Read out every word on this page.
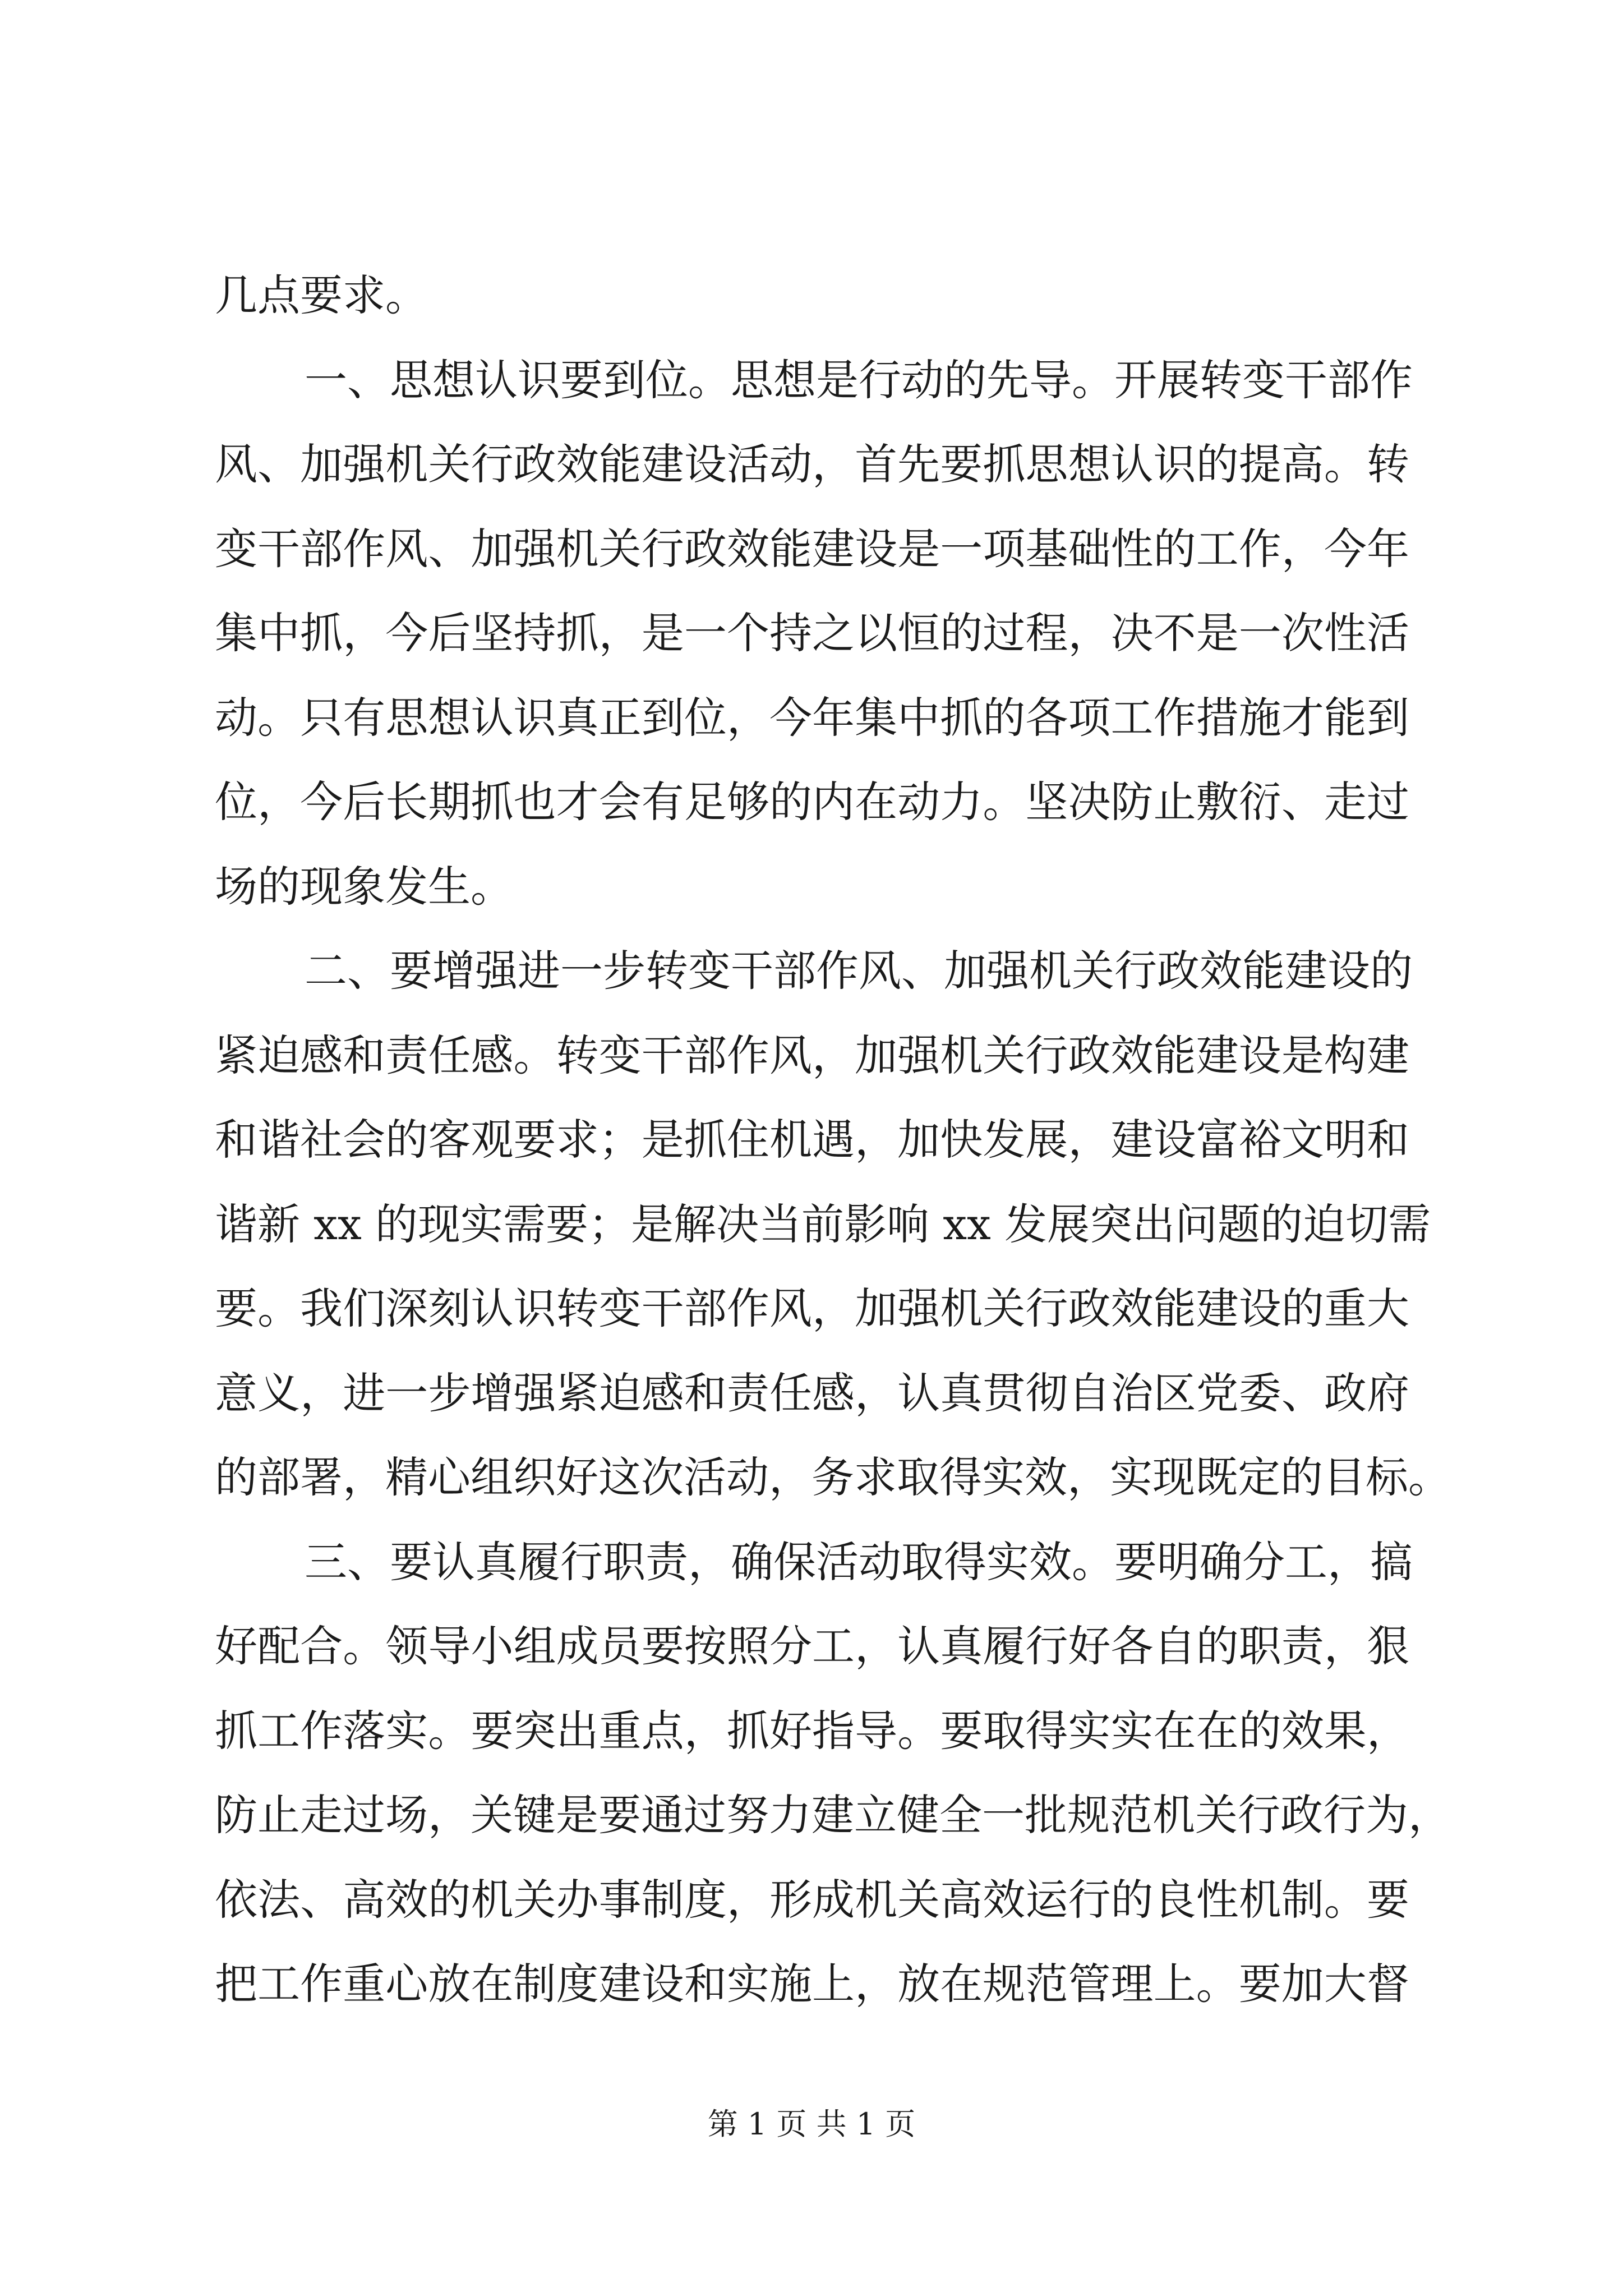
几点要求。
一、思想认识要到位。思想是行动的先导。开展转变干部作
风、加强机关行政效能建设活动，首先要抓思想认识的提高。转
变干部作风、加强机关行政效能建设是一项基础性的工作，今年
集中抓，今后坚持抓，是一个持之以恒的过程，决不是一次性活
动。只有思想认识真正到位，今年集中抓的各项工作措施才能到
位，今后长期抓也才会有足够的内在动力。坚决防止敷衍、走过
场的现象发生。
二、要增强进一步转变干部作风、加强机关行政效能建设的
紧迫感和责任感。转变干部作风，加强机关行政效能建设是构建
和谐社会的客观要求；是抓住机遇，加快发展，建设富裕文明和
谐新 xx 的现实需要；是解决当前影响 xx 发展突出问题的迫切需
要。我们深刻认识转变干部作风，加强机关行政效能建设的重大
意义，进一步增强紧迫感和责任感，认真贯彻自治区党委、政府
的部署，精心组织好这次活动，务求取得实效，实现既定的目标。
三、要认真履行职责，确保活动取得实效。要明确分工，搞
好配合。领导小组成员要按照分工，认真履行好各自的职责，狠
抓工作落实。要突出重点，抓好指导。要取得实实在在的效果，
防止走过场，关键是要通过努力建立健全一批规范机关行政行为，
依法、高效的机关办事制度，形成机关高效运行的良性机制。要
把工作重心放在制度建设和实施上，放在规范管理上。要加大督
第 1 页 共 1 页
